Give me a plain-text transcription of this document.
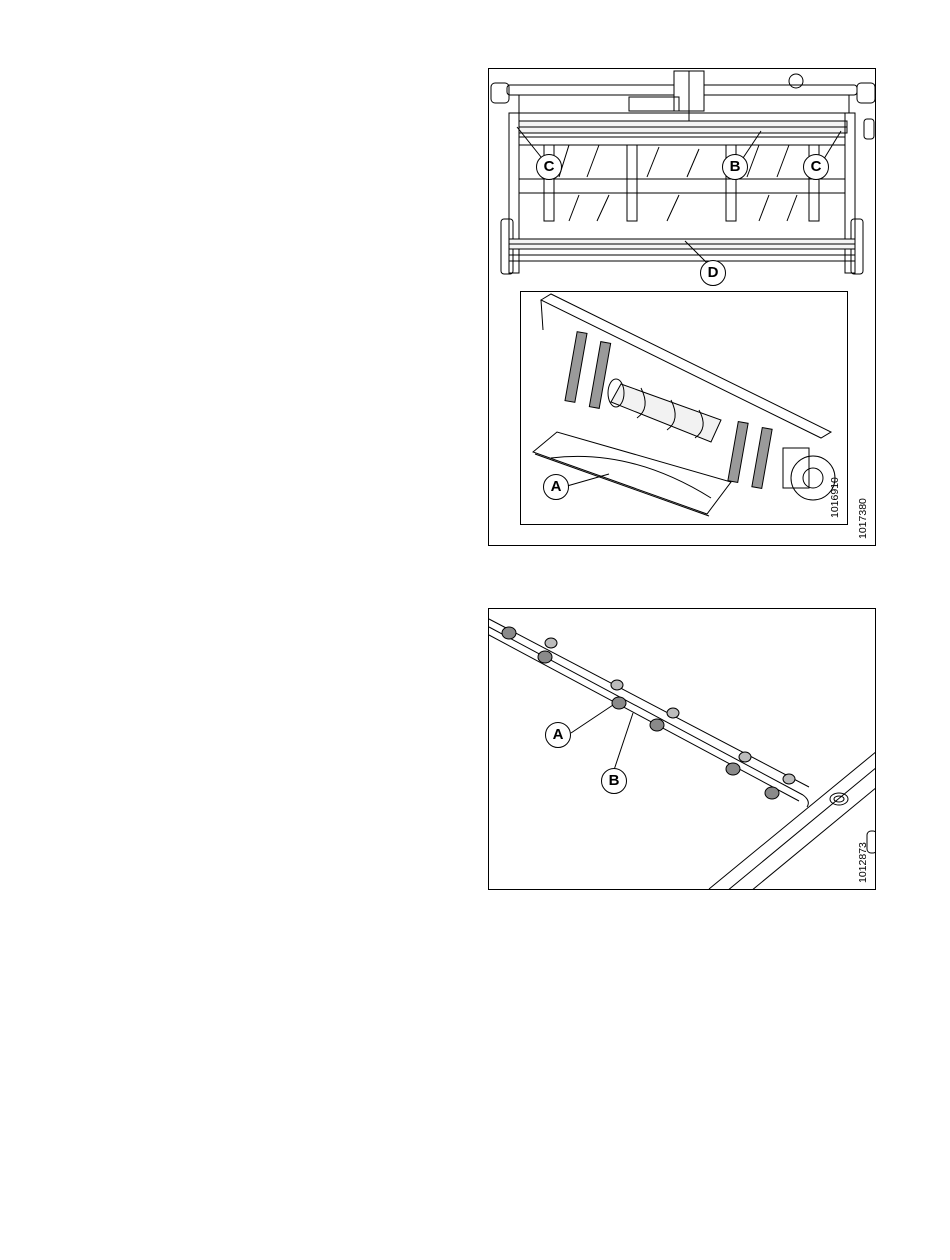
C	B	C
D
A	1016910
1017380
A
B
1012873
